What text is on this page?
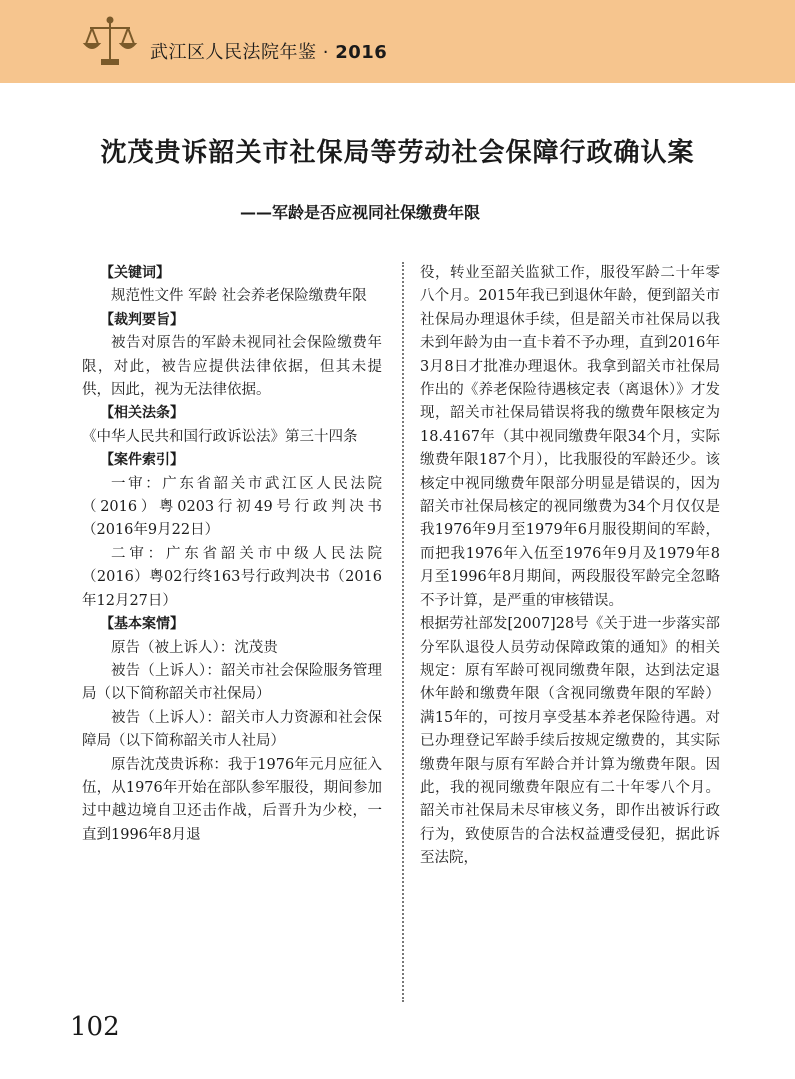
武江区人民法院年鉴 · 2016
沈茂贵诉韶关市社保局等劳动社会保障行政确认案
——军龄是否应视同社保缴费年限
【关键词】

规范性文件 军龄 社会养老保险缴费年限

【裁判要旨】

被告对原告的军龄未视同社会保险缴费年限，对此，被告应提供法律依据，但其未提供，因此，视为无法律依据。

【相关法条】

《中华人民共和国行政诉讼法》第三十四条

【案件索引】

一审：广东省韶关市武江区人民法院（2016）粤0203行初49号行政判决书（2016年9月22日）

二审：广东省韶关市中级人民法院（2016）粤02行终163号行政判决书（2016年12月27日）

【基本案情】

原告（被上诉人）：沈茂贵

被告（上诉人）：韶关市社会保险服务管理局（以下简称韶关市社保局）

被告（上诉人）：韶关市人力资源和社会保障局（以下简称韶关市人社局）

原告沈茂贵诉称：我于1976年元月应征入伍，从1976年开始在部队参军服役，期间参加过中越边境自卫还击作战，后晋升为少校，一直到1996年8月退

役，转业至韶关监狱工作，服役军龄二十年零八个月。2015年我已到退休年龄，便到韶关市社保局办理退休手续，但是韶关市社保局以我未到年龄为由一直卡着不予办理，直到2016年3月8日才批准办理退休。我拿到韶关市社保局作出的《养老保险待遇核定表（离退休）》才发现，韶关市社保局错误将我的缴费年限核定为18.4167年（其中视同缴费年限34个月，实际缴费年限187个月），比我服役的军龄还少。该核定中视同缴费年限部分明显是错误的，因为韶关市社保局核定的视同缴费为34个月仅仅是我1976年9月至1979年6月服役期间的军龄，而把我1976年入伍至1976年9月及1979年8月至1996年8月期间，两段服役军龄完全忽略不予计算，是严重的审核错误。

根据劳社部发[2007]28号《关于进一步落实部分军队退役人员劳动保障政策的通知》的相关规定：原有军龄可视同缴费年限，达到法定退休年龄和缴费年限（含视同缴费年限的军龄）满15年的，可按月享受基本养老保险待遇。对已办理登记军龄手续后按规定缴费的，其实际缴费年限与原有军龄合并计算为缴费年限。因此，我的视同缴费年限应有二十年零八个月。韶关市社保局未尽审核义务，即作出被诉行政行为，致使原告的合法权益遭受侵犯，据此诉至法院，

102
